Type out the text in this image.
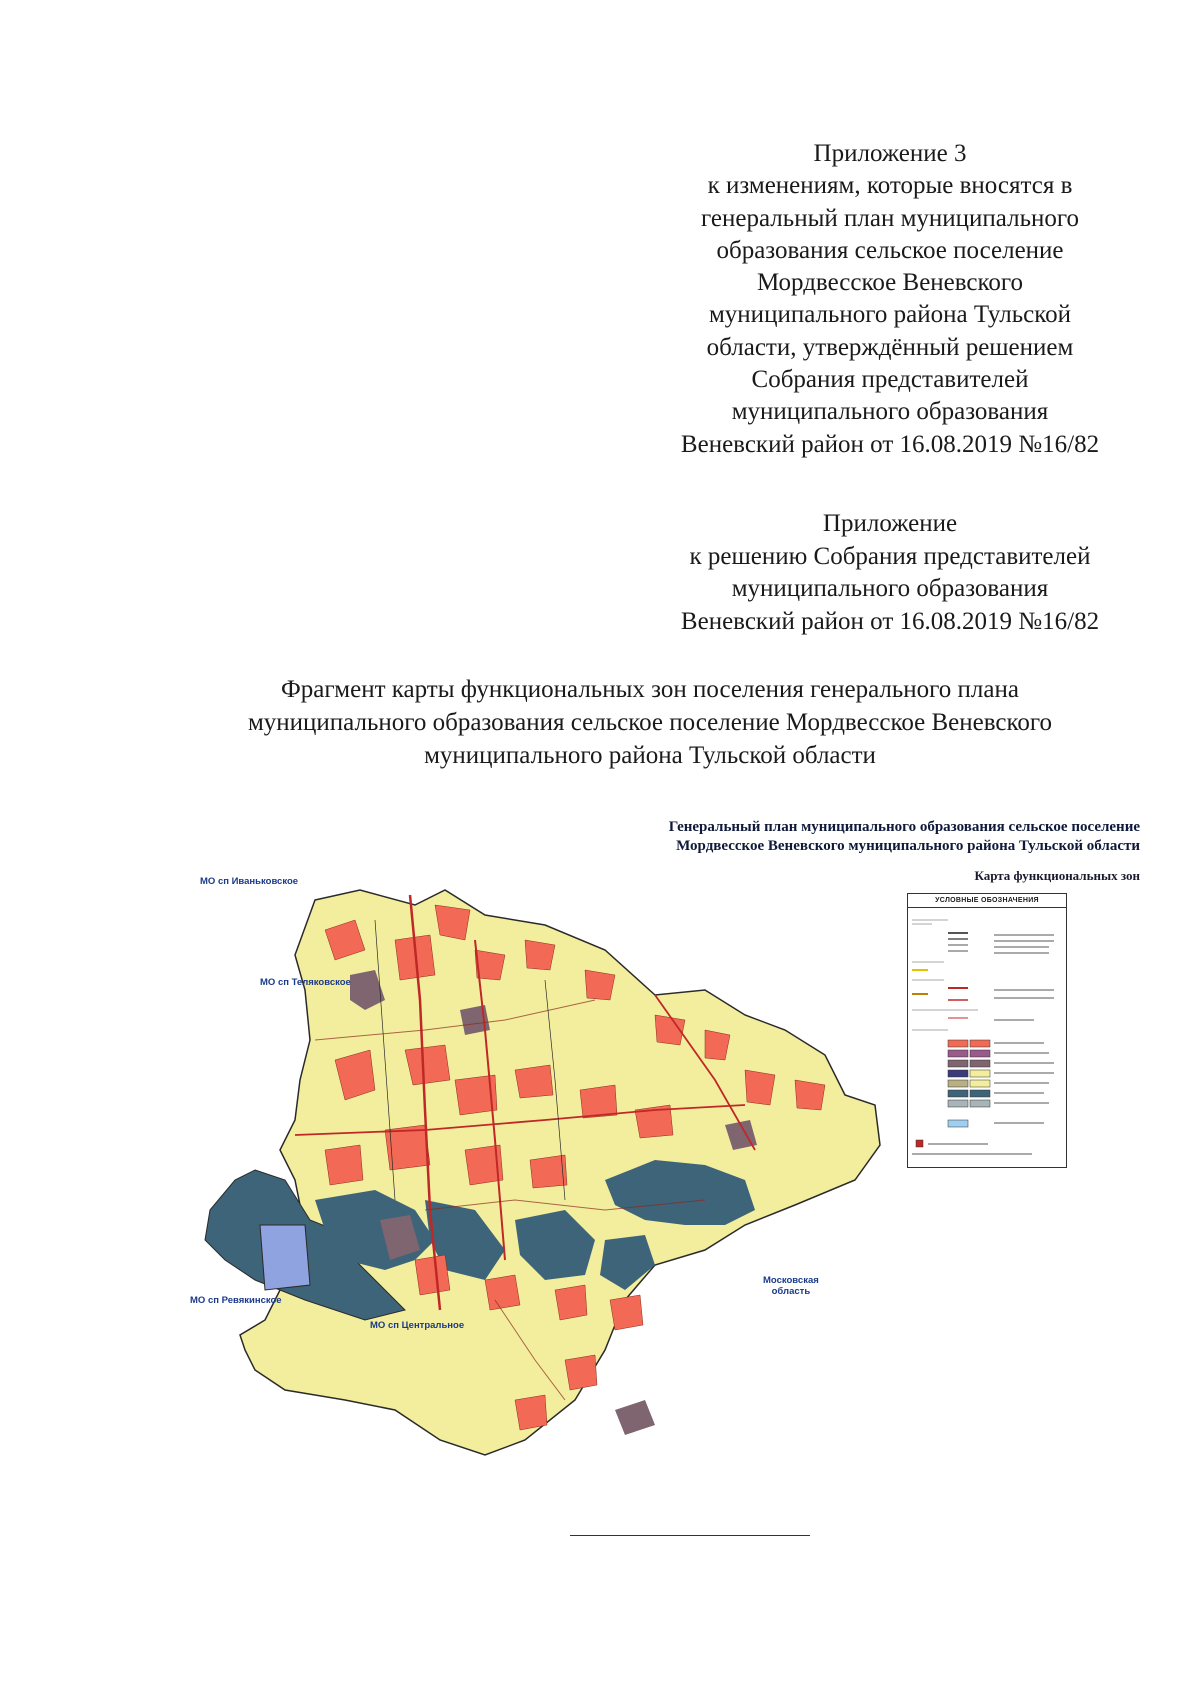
Приложение 3
к изменениям, которые вносятся в
генеральный план муниципального
образования сельское поселение
Мордвесское Веневского
муниципального района Тульской
области, утверждённый решением
Собрания представителей
муниципального образования
Веневский район от 16.08.2019 №16/82
Приложение
к решению Собрания представителей
муниципального образования
Веневский район от 16.08.2019 №16/82
Фрагмент карты функциональных зон поселения генерального плана
муниципального образования сельское поселение Мордвесское Веневского
муниципального района Тульской области
Генеральный план муниципального образования сельское поселение
Мордвесское Веневского муниципального района Тульской области
Карта функциональных зон
МО сп Иваньковское
МО сп Теляковское
МО сп Ревякинское
МО сп Центральное
Московская
область
УСЛОВНЫЕ ОБОЗНАЧЕНИЯ
